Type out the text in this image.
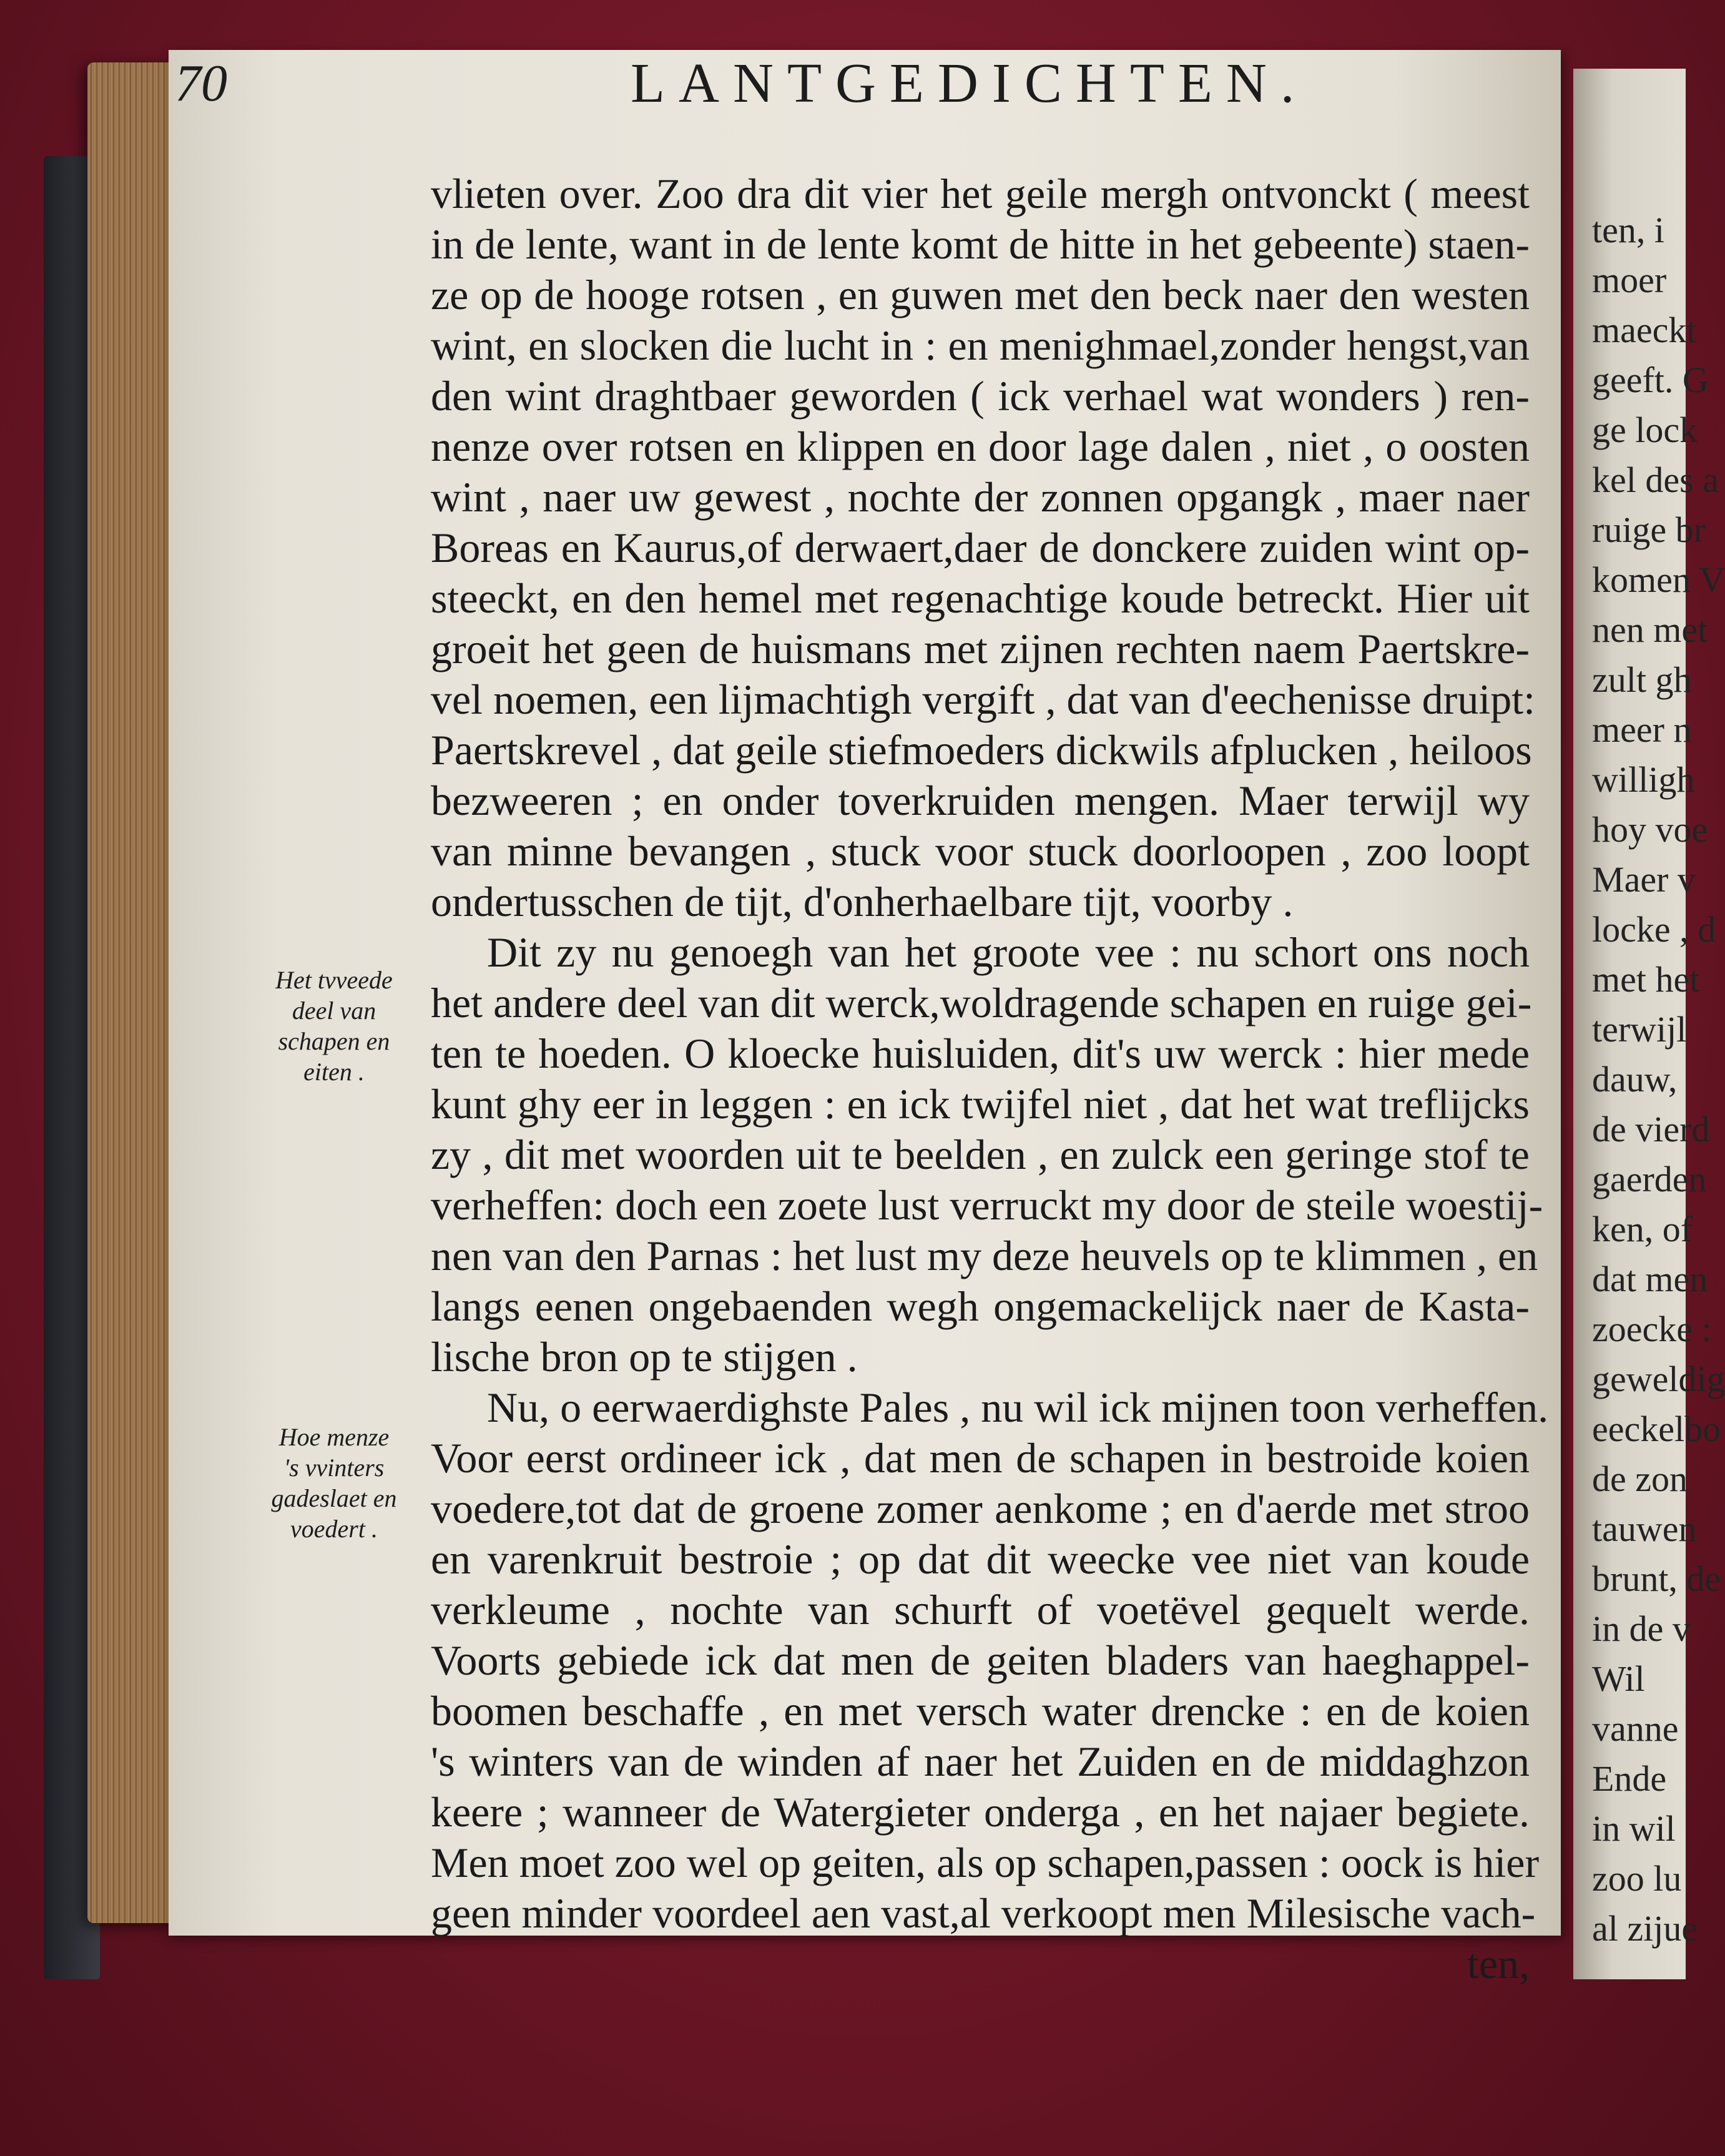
ten, i
moer
maeckt
geeft. G
ge lock
kel des a
ruige br
komen V
nen met
zult gh
meer n
willigh
hoy voe
Maer v
locke , d
met het
terwijl
dauw,
de vierd
gaerden
ken, of
dat men
zoecke :
geweldig
eeckelbo
de zon
tauwen
brunt, de
in de v
Wil
vanne
Ende
in wil
zoo lu
al zijue
70	LANTGEDICHTEN.
Het tvveede
deel van
schapen en
eiten .
Hoe menze
's vvinters
gadeslaet en
voedert .
vlieten over. Zoo dra dit vier het geile mergh ontvonckt ( meest
in de lente, want in de lente komt de hitte in het gebeente) staen-
ze op de hooge rotsen , en guwen met den beck naer den westen
wint, en slocken die lucht in : en menighmael,zonder hengst,van
den wint draghtbaer geworden ( ick verhael wat wonders ) ren-
nenze over rotsen en klippen en door lage dalen , niet , o oosten
wint , naer uw gewest , nochte der zonnen opgangk , maer naer
Boreas en Kaurus,of derwaert,daer de donckere zuiden wint op-
steeckt, en den hemel met regenachtige koude betreckt. Hier uit
groeit het geen de huismans met zijnen rechten naem Paertskre-
vel noemen, een lijmachtigh vergift , dat van d'eechenisse druipt:
Paertskrevel , dat geile stiefmoeders dickwils afplucken , heiloos
bezweeren ; en onder toverkruiden mengen. Maer terwijl wy
van minne bevangen , stuck voor stuck doorloopen , zoo loopt
ondertusschen de tijt, d'onherhaelbare tijt, voorby .
Dit zy nu genoegh van het groote vee : nu schort ons noch
het andere deel van dit werck,woldragende schapen en ruige gei-
ten te hoeden. O kloecke huisluiden, dit's uw werck : hier mede
kunt ghy eer in leggen : en ick twijfel niet , dat het wat treflijcks
zy , dit met woorden uit te beelden , en zulck een geringe stof te
verheffen: doch een zoete lust verruckt my door de steile woestij-
nen van den Parnas : het lust my deze heuvels op te klimmen , en
langs eenen ongebaenden wegh ongemackelijck naer de Kasta-
lische bron op te stijgen .
Nu, o eerwaerdighste Pales , nu wil ick mijnen toon verheffen.
Voor eerst ordineer ick , dat men de schapen in bestroide koien
voedere,tot dat de groene zomer aenkome ; en d'aerde met stroo
en varenkruit bestroie ; op dat dit weecke vee niet van koude
verkleume , nochte van schurft of voetëvel gequelt werde.
Voorts gebiede ick dat men de geiten bladers van haeghappel-
boomen beschaffe , en met versch water drencke : en de koien
's winters van de winden af naer het Zuiden en de middaghzon
keere ; wanneer de Watergieter onderga , en het najaer begiete.
Men moet zoo wel op geiten, als op schapen,passen : oock is hier
geen minder voordeel aen vast,al verkoopt men Milesische vach-
ten,
